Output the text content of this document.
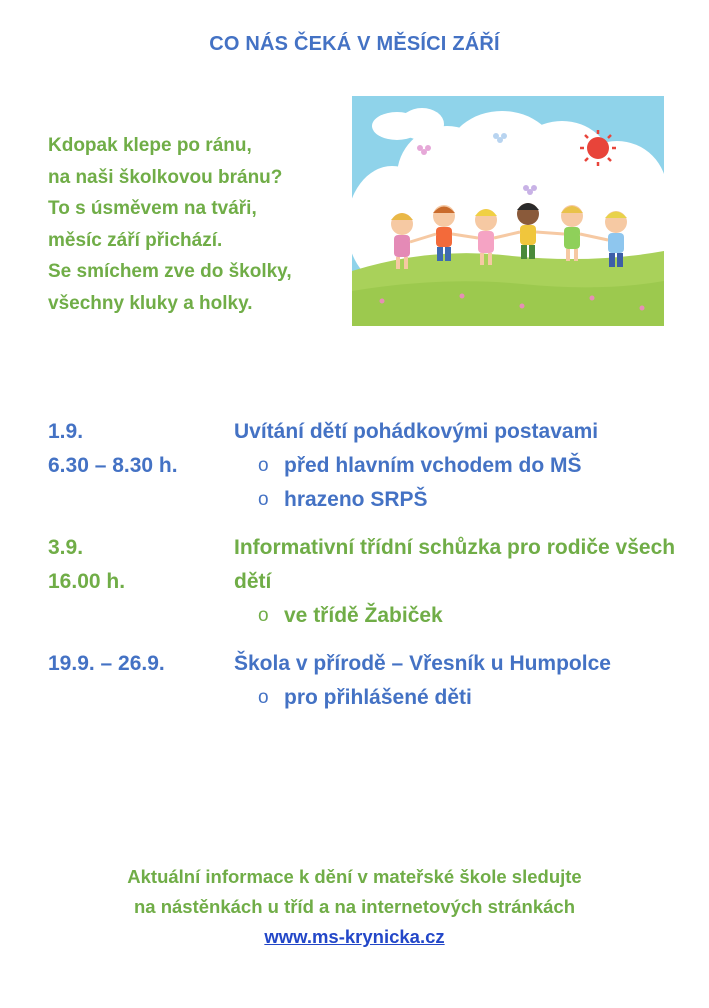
CO NÁS ČEKÁ V MĚSÍCI ZÁŘÍ
Kdopak klepe po ránu,
na naši školkovou bránu?
To s úsměvem na tváři,
měsíc září přichází.
Se smíchem zve do školky,
všechny kluky a holky.
1.9.
6.30 – 8.30 h.
Uvítání dětí pohádkovými postavami
o před hlavním vchodem do MŠ
o hrazeno SRPŠ
3.9.
16.00 h.
Informativní třídní schůzka pro rodiče všech dětí
o ve třídě Žabiček
19.9. – 26.9.	Škola v přírodě – Vřesník u Humpolce
o pro přihlášené děti
Aktuální informace k dění v mateřské škole sledujte
na nástěnkách u tříd a na internetových stránkách
www.ms-krynicka.cz
